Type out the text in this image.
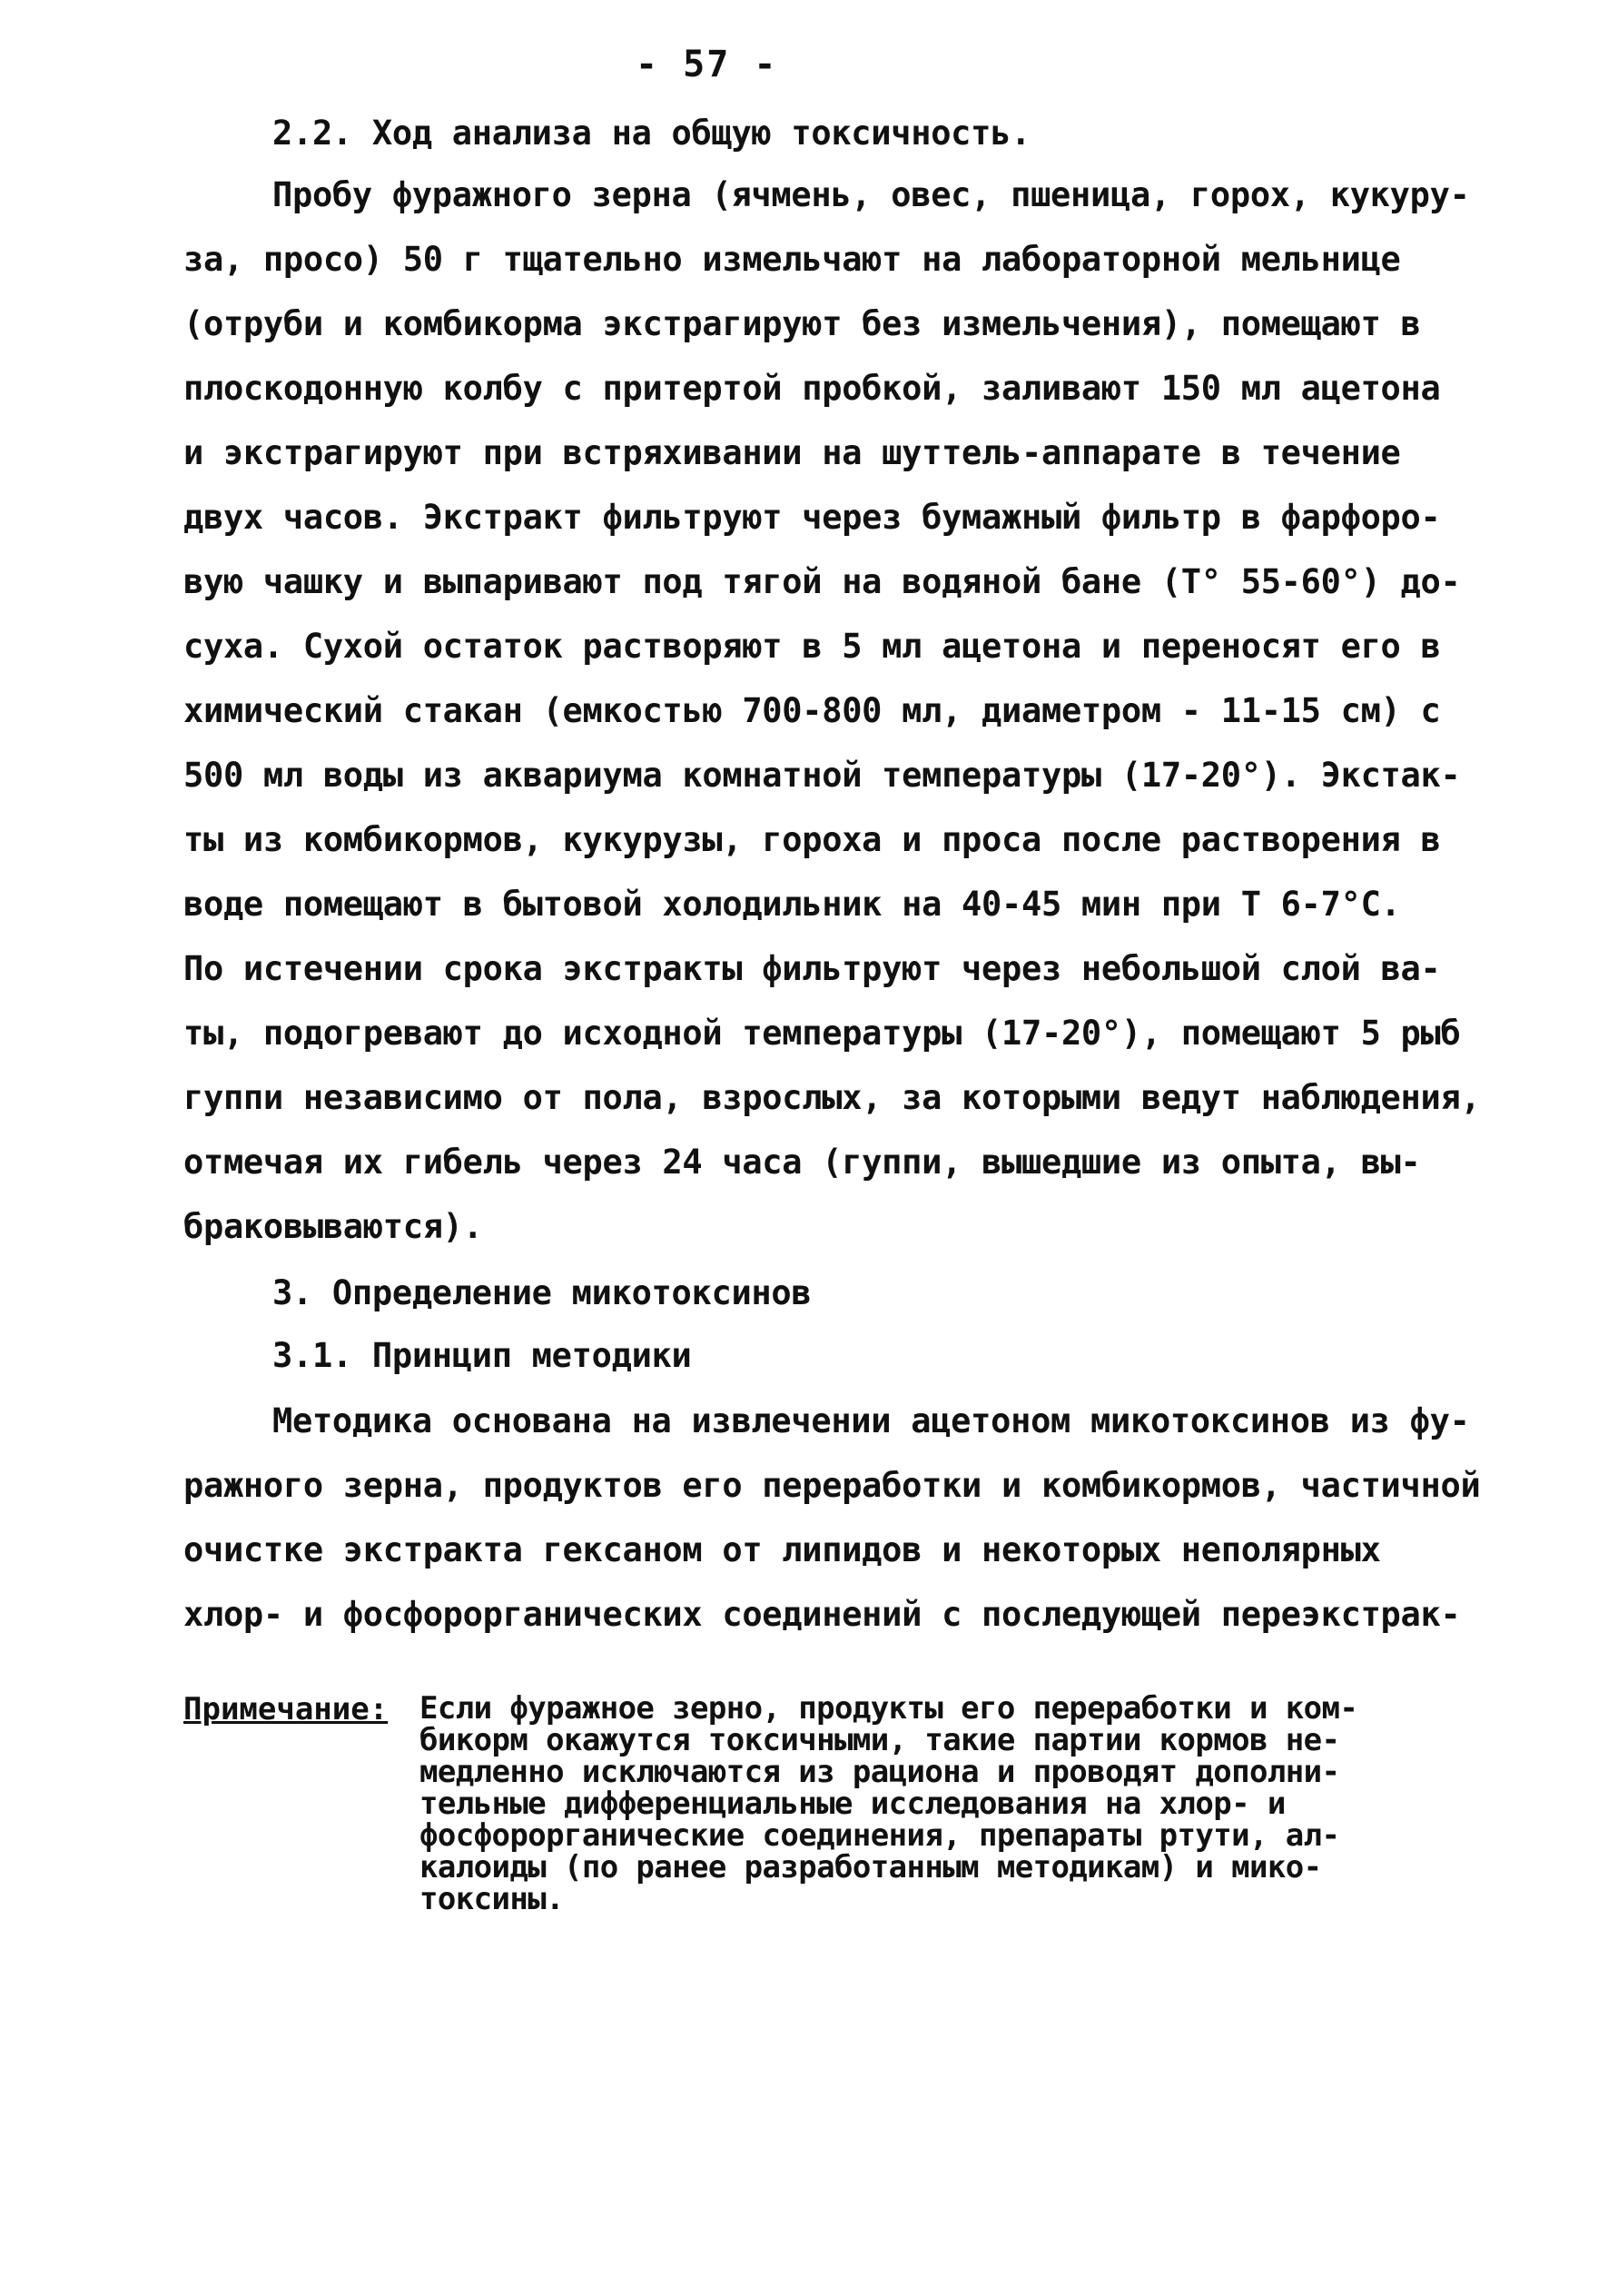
- 57 -
2.2. Ход анализа на общую токсичность.
Пробу фуражного зерна (ячмень, овес, пшеница, горох, кукуру-
за, просо) 50 г тщательно измельчают на лабораторной мельнице
(отруби и комбикорма экстрагируют без измельчения), помещают в
плоскодонную колбу с притертой пробкой, заливают 150 мл ацетона
и экстрагируют при встряхивании на шуттель-аппарате в течение
двух часов. Экстракт фильтруют через бумажный фильтр в фарфоро-
вую чашку и выпаривают под тягой на водяной бане (T° 55-60°) до-
суха. Сухой остаток растворяют в 5 мл ацетона и переносят его в
химический стакан (емкостью 700-800 мл, диаметром - 11-15 см) с
500 мл воды из аквариума комнатной температуры (17-20°). Экстак-
ты из комбикормов, кукурузы, гороха и проса после растворения в
воде помещают в бытовой холодильник на 40-45 мин при T 6-7°C.
По истечении срока экстракты фильтруют через небольшой слой ва-
ты, подогревают до исходной температуры (17-20°), помещают 5 рыб
гуппи независимо от пола, взрослых, за которыми ведут наблюдения,
отмечая их гибель через 24 часа (гуппи, вышедшие из опыта, вы-
браковываются).
3. Определение микотоксинов
3.1. Принцип методики
Методика основана на извлечении ацетоном микотоксинов из фу-
ражного зерна, продуктов его переработки и комбикормов, частичной
очистке экстракта гексаном от липидов и некоторых неполярных
хлор- и фосфорорганических соединений с последующей переэкстрак-
Примечание: Если фуражное зерно, продукты его переработки и ком-
бикорм окажутся токсичными, такие партии кормов не-
медленно исключаются из рациона и проводят дополни-
тельные дифференциальные исследования на хлор- и
фосфорорганические соединения, препараты ртути, ал-
калоиды (по ранее разработанным методикам) и мико-
токсины.
